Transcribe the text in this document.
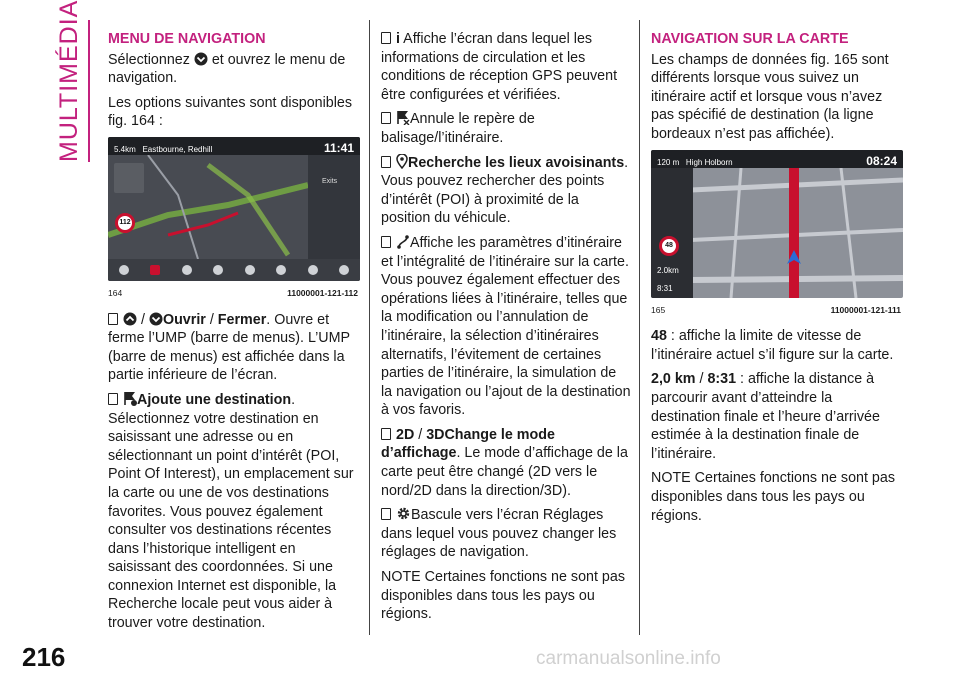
MULTIMÉDIA
216	carmanualsonline.info
MENU DE NAVIGATION

Sélectionnez  et ouvrez le menu de navigation.

Les options suivantes sont disponibles fig. 164 :

5.4km Eastbourne, Redhill	11:41
112
Exits
164	11000001-121-112

/ Ouvrir / Fermer. Ouvre et ferme l’UMP (barre de menus). L’UMP (barre de menus) est affichée dans la partie inférieure de l’écran.

Ajoute une destination. Sélectionnez votre destination en saisissant une adresse ou en sélectionnant un point d’intérêt (POI, Point Of Interest), un emplacement sur la carte ou une de vos destinations favorites. Vous pouvez également consulter vos destinations récentes dans l’historique intelligent en saisissant des coordonnées. Si une connexion Internet est disponible, la Recherche locale peut vous aider à trouver votre destination.

i Affiche l’écran dans lequel les informations de circulation et les conditions de réception GPS peuvent être configurées et vérifiées.

Annule le repère de balisage/l’itinéraire.

Recherche les lieux avoisinants. Vous pouvez rechercher des points d’intérêt (POI) à proximité de la position du véhicule.

Affiche les paramètres d’itinéraire et l’intégralité de l’itinéraire sur la carte. Vous pouvez également effectuer des opérations liées à l’itinéraire, telles que la modification ou l’annulation de l’itinéraire, la sélection d’itinéraires alternatifs, l’évitement de certaines parties de l’itinéraire, la simulation de la navigation ou l’ajout de la destination à vos favoris.

2D / 3DChange le mode d’affichage. Le mode d’affichage de la carte peut être changé (2D vers le nord/2D dans la direction/3D).

Bascule vers l’écran Réglages dans lequel vous pouvez changer les réglages de navigation.

NOTE Certaines fonctions ne sont pas disponibles dans tous les pays ou régions.

NAVIGATION SUR LA CARTE

Les champs de données fig. 165 sont différents lorsque vous suivez un itinéraire actif et lorsque vous n’avez pas spécifié de destination (la ligne bordeaux n’est pas affichée).

120 m High Holborn	08:24
48
2.0km
8:31
165	11000001-121-111

48 : affiche la limite de vitesse de l’itinéraire actuel s’il figure sur la carte.

2,0 km / 8:31 : affiche la distance à parcourir avant d’atteindre la destination finale et l’heure d’arrivée estimée à la destination finale de l’itinéraire.

NOTE Certaines fonctions ne sont pas disponibles dans tous les pays ou régions.
